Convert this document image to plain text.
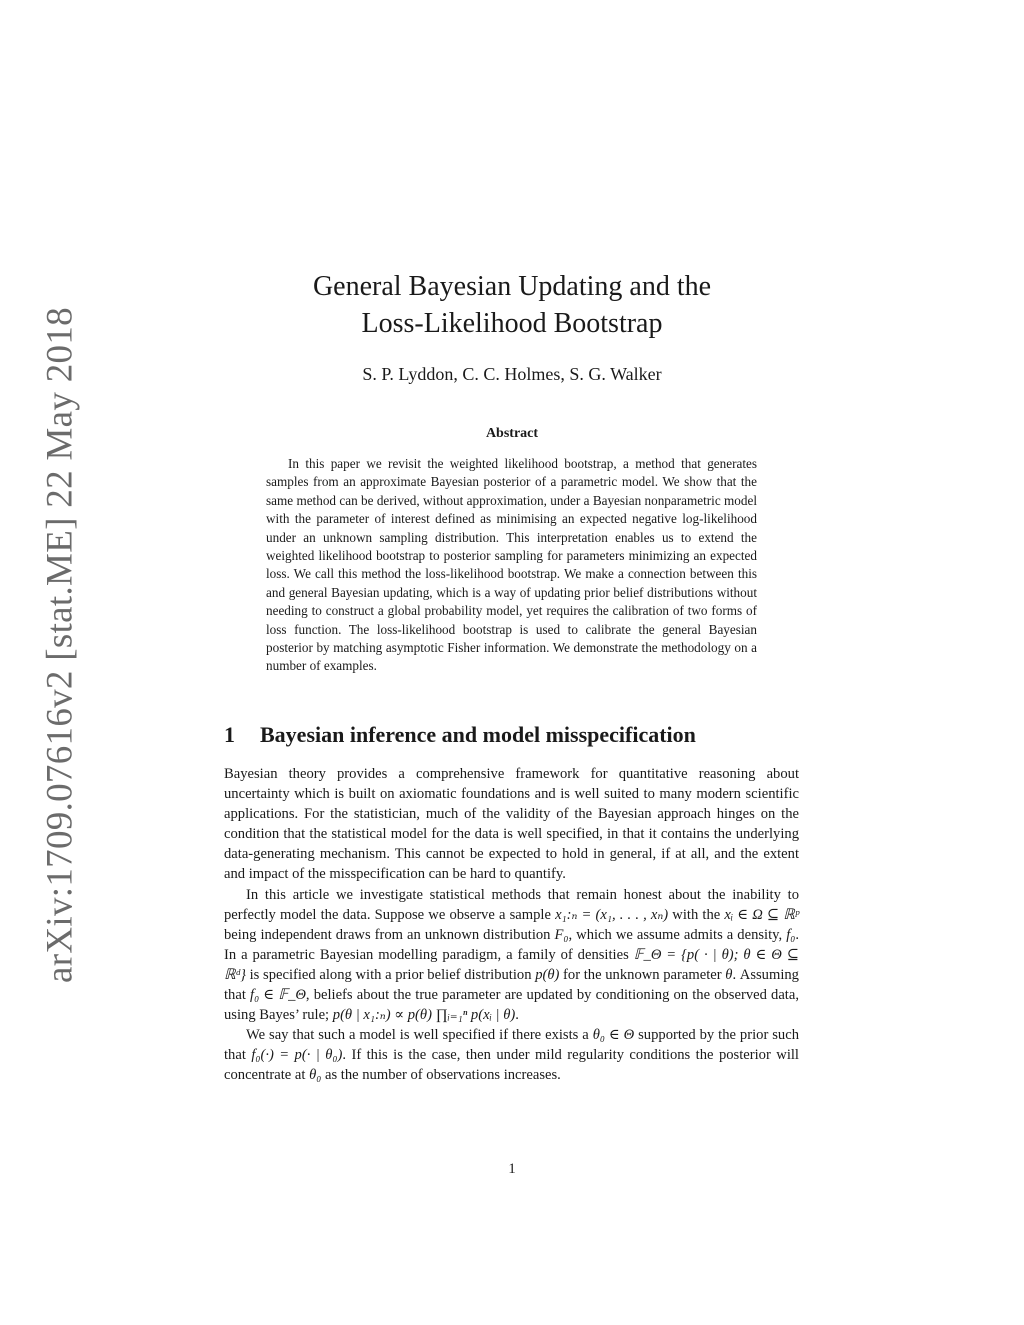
arXiv:1709.07616v2 [stat.ME] 22 May 2018
General Bayesian Updating and the
Loss-Likelihood Bootstrap
S. P. Lyddon, C. C. Holmes, S. G. Walker
Abstract

In this paper we revisit the weighted likelihood bootstrap, a method that generates samples from an approximate Bayesian posterior of a parametric model. We show that the same method can be derived, without approximation, under a Bayesian nonparametric model with the parameter of interest defined as minimising an expected negative log-likelihood under an unknown sampling distribution. This interpretation enables us to extend the weighted likelihood bootstrap to posterior sampling for parameters minimizing an expected loss. We call this method the loss-likelihood bootstrap. We make a connection between this and general Bayesian updating, which is a way of updating prior belief distributions without needing to construct a global probability model, yet requires the calibration of two forms of loss function. The loss-likelihood bootstrap is used to calibrate the general Bayesian posterior by matching asymptotic Fisher information. We demonstrate the methodology on a number of examples.

1 Bayesian inference and model misspecification

Bayesian theory provides a comprehensive framework for quantitative reasoning about uncertainty which is built on axiomatic foundations and is well suited to many modern scientific applications. For the statistician, much of the validity of the Bayesian approach hinges on the condition that the statistical model for the data is well specified, in that it contains the underlying data-generating mechanism. This cannot be expected to hold in general, if at all, and the extent and impact of the misspecification can be hard to quantify.

In this article we investigate statistical methods that remain honest about the inability to perfectly model the data. Suppose we observe a sample x₁:ₙ = (x₁, . . . , xₙ) with the xᵢ ∈ Ω ⊆ ℝᵖ being independent draws from an unknown distribution F₀, which we assume admits a density, f₀. In a parametric Bayesian modelling paradigm, a family of densities 𝔽_Θ = {p( · | θ); θ ∈ Θ ⊆ ℝᵈ} is specified along with a prior belief distribution p(θ) for the unknown parameter θ. Assuming that f₀ ∈ 𝔽_Θ, beliefs about the true parameter are updated by conditioning on the observed data, using Bayes’ rule; p(θ | x₁:ₙ) ∝ p(θ) ∏ᵢ₌₁ⁿ p(xᵢ | θ).

We say that such a model is well specified if there exists a θ₀ ∈ Θ supported by the prior such that f₀(·) = p(· | θ₀). If this is the case, then under mild regularity conditions the posterior will concentrate at θ₀ as the number of observations increases.

1
